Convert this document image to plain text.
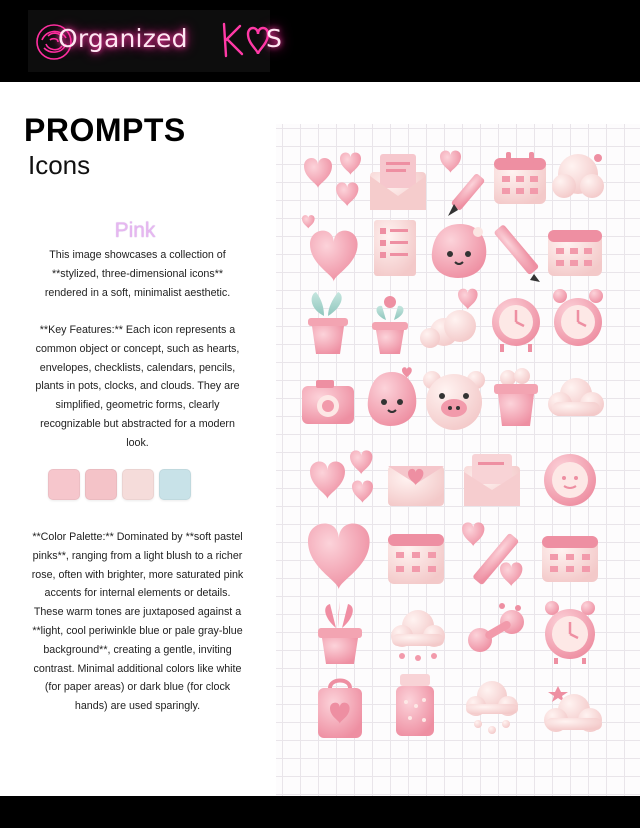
Organized	S
PROMPTS
Icons
Pink

This image showcases a collection of **stylized, three-dimensional icons** rendered in a soft, minimalist aesthetic.

**Key Features:** Each icon represents a common object or concept, such as hearts, envelopes, checklists, calendars, pencils, plants in pots, clocks, and clouds. They are simplified, geometric forms, clearly recognizable but abstracted for a modern look.

**Color Palette:** Dominated by **soft pastel pinks**, ranging from a light blush to a richer rose, often with brighter, more saturated pink accents for internal elements or details. These warm tones are juxtaposed against a **light, cool periwinkle blue or pale gray-blue background**, creating a gentle, inviting contrast. Minimal additional colors like white (for paper areas) or dark blue (for clock hands) are used sparingly.
